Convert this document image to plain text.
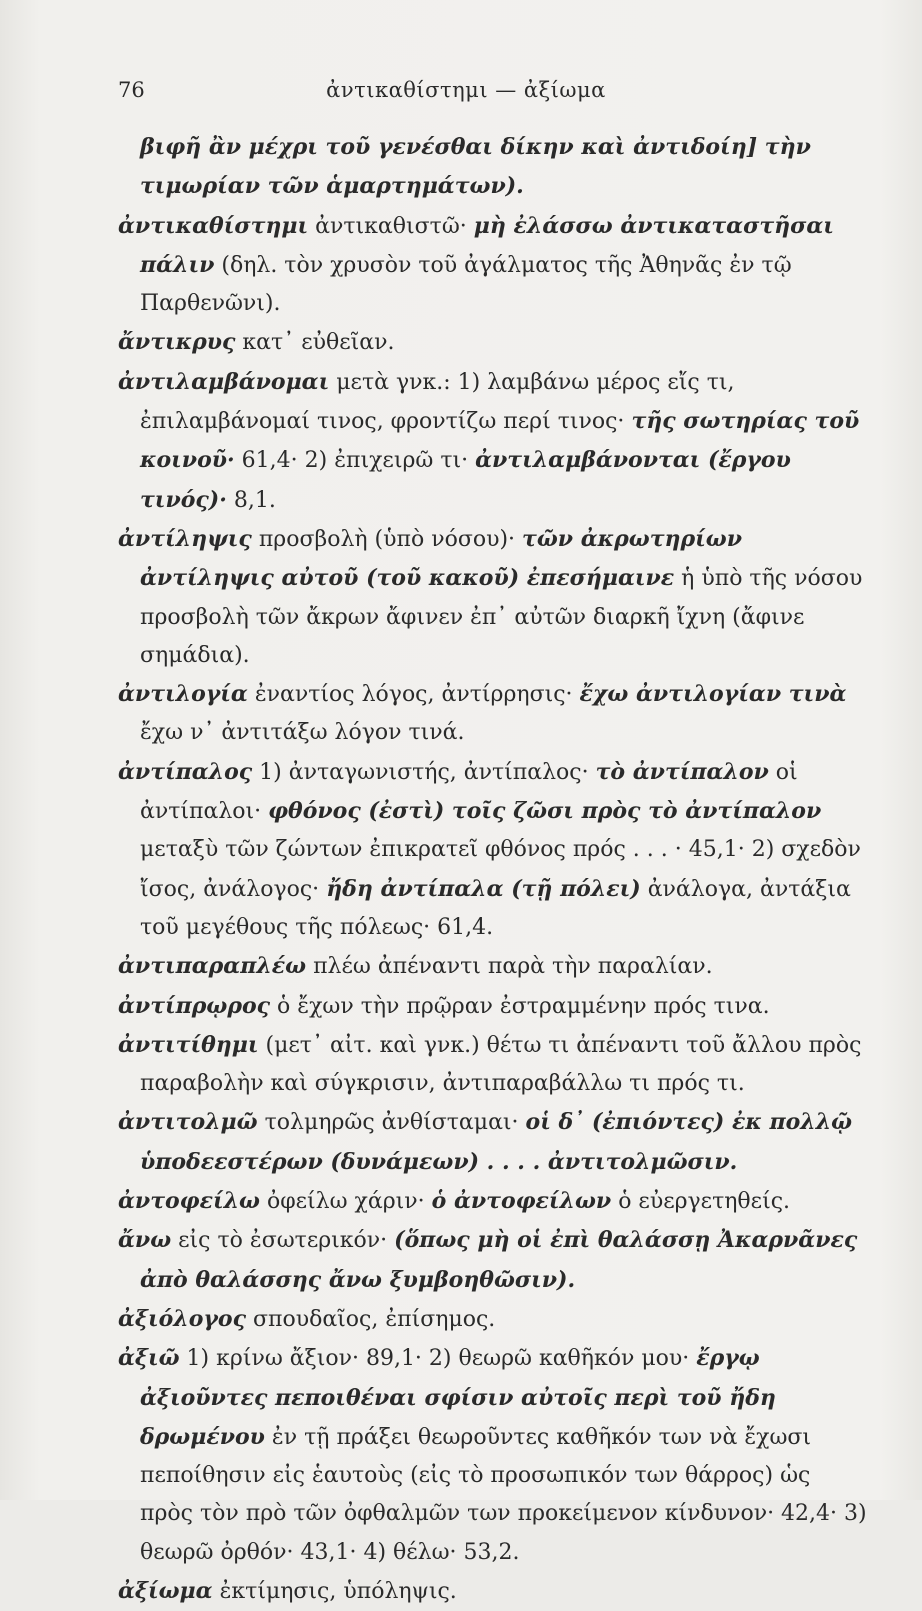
76	ἀντικαθίστημι — ἀξίωμα

βιφῆ ἂν μέχρι τοῦ γενέσθαι δίκην καὶ ἀντιδοίη] τὴν τιμωρίαν τῶν ἁμαρτημάτων).

ἀντικαθίστημι ἀντικαθιστῶ· μὴ ἐλάσσω ἀντικαταστῆσαι πάλιν (δηλ. τὸν χρυσὸν τοῦ ἀγάλματος τῆς Ἀθηνᾶς ἐν τῷ Παρθενῶνι).

ἄντικρυς κατ᾽ εὐθεῖαν.

ἀντιλαμβάνομαι μετὰ γνκ.: 1) λαμβάνω μέρος εἴς τι, ἐπιλαμβάνομαί τινος, φροντίζω περί τινος· τῆς σωτηρίας τοῦ κοινοῦ· 61,4· 2) ἐπιχειρῶ τι· ἀντιλαμβάνονται (ἔργου τινός)· 8,1.

ἀντίληψις προσβολὴ (ὑπὸ νόσου)· τῶν ἀκρωτηρίων ἀντίληψις αὐτοῦ (τοῦ κακοῦ) ἐπεσήμαινε ἡ ὑπὸ τῆς νόσου προσβολὴ τῶν ἄκρων ἄφινεν ἐπ᾽ αὐτῶν διαρκῆ ἴχνη (ἄφινε σημάδια).

ἀντιλογία ἐναντίος λόγος, ἀντίρρησις· ἔχω ἀντιλογίαν τινὰ ἔχω ν᾽ ἀντιτάξω λόγον τινά.

ἀντίπαλος 1) ἀνταγωνιστής, ἀντίπαλος· τὸ ἀντίπαλον οἱ ἀντίπαλοι· φθόνος (ἐστὶ) τοῖς ζῶσι πρὸς τὸ ἀντίπαλον μεταξὺ τῶν ζώντων ἐπικρατεῖ φθόνος πρός . . . · 45,1· 2) σχεδὸν ἴσος, ἀνάλογος· ἤδη ἀντίπαλα (τῇ πόλει) ἀνάλογα, ἀντάξια τοῦ μεγέθους τῆς πόλεως· 61,4.

ἀντιπαραπλέω πλέω ἀπέναντι παρὰ τὴν παραλίαν.

ἀντίπρῳρος ὁ ἔχων τὴν πρῷραν ἐστραμμένην πρός τινα.

ἀντιτίθημι (μετ᾽ αἰτ. καὶ γνκ.) θέτω τι ἀπέναντι τοῦ ἄλλου πρὸς παραβολὴν καὶ σύγκρισιν, ἀντιπαραβάλλω τι πρός τι.

ἀντιτολμῶ τολμηρῶς ἀνθίσταμαι· οἱ δ᾽ (ἐπιόντες) ἐκ πολλῷ ὑποδεεστέρων (δυνάμεων) . . . . ἀντιτολμῶσιν.

ἀντοφείλω ὀφείλω χάριν· ὁ ἀντοφείλων ὁ εὐεργετηθείς.

ἄνω εἰς τὸ ἐσωτερικόν· (ὅπως μὴ οἱ ἐπὶ θαλάσσῃ Ἀκαρνᾶνες ἀπὸ θαλάσσης ἄνω ξυμβοηθῶσιν).

ἀξιόλογος σπουδαῖος, ἐπίσημος.

ἀξιῶ 1) κρίνω ἄξιον· 89,1· 2) θεωρῶ καθῆκόν μου· ἔργῳ ἀξιοῦντες πεποιθέναι σφίσιν αὐτοῖς περὶ τοῦ ἤδη δρωμένου ἐν τῇ πράξει θεωροῦντες καθῆκόν των νὰ ἔχωσι πεποίθησιν εἰς ἑαυτοὺς (εἰς τὸ προσωπικόν των θάρρος) ὡς πρὸς τὸν πρὸ τῶν ὀφθαλμῶν των προκείμενον κίνδυνον· 42,4· 3) θεωρῶ ὀρθόν· 43,1· 4) θέλω· 53,2.

ἀξίωμα ἐκτίμησις, ὑπόληψις.
